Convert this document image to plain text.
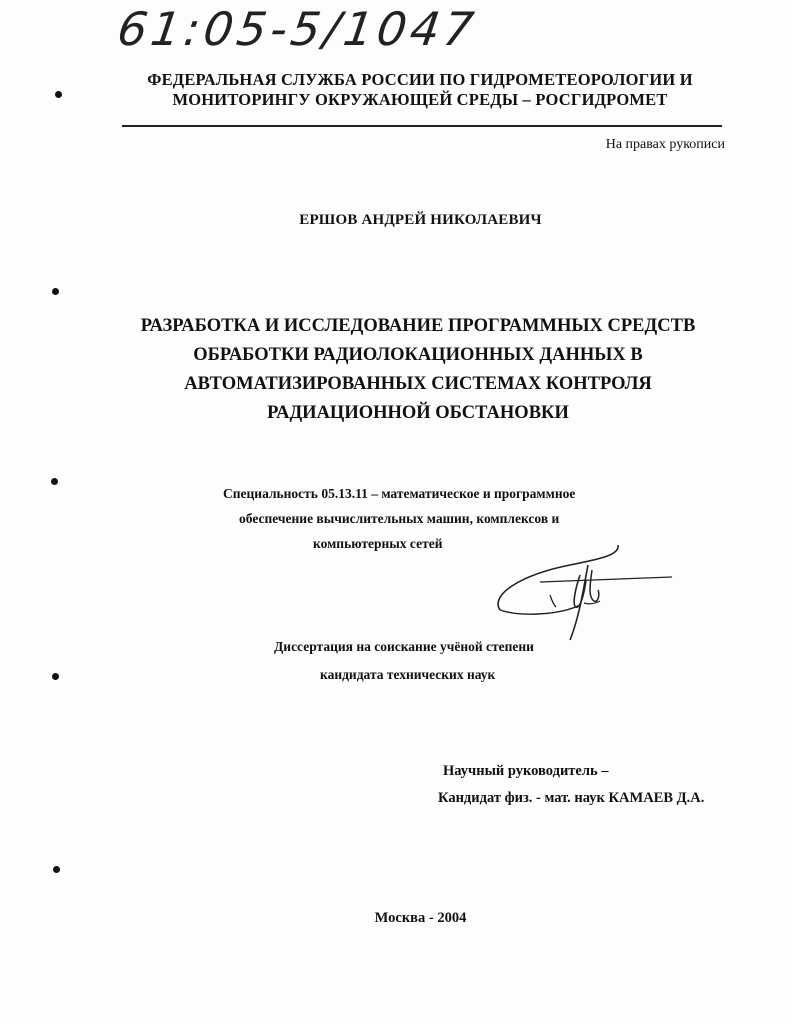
61:05-5/1047
ФЕДЕРАЛЬНАЯ СЛУЖБА РОССИИ ПО ГИДРОМЕТЕОРОЛОГИИ И
МОНИТОРИНГУ ОКРУЖАЮЩЕЙ СРЕДЫ – РОСГИДРОМЕТ
На правах рукописи
ЕРШОВ АНДРЕЙ НИКОЛАЕВИЧ
РАЗРАБОТКА И ИССЛЕДОВАНИЕ ПРОГРАММНЫХ СРЕДСТВ
ОБРАБОТКИ РАДИОЛОКАЦИОННЫХ ДАННЫХ В
АВТОМАТИЗИРОВАННЫХ СИСТЕМАХ КОНТРОЛЯ
РАДИАЦИОННОЙ ОБСТАНОВКИ
Специальность 05.13.11 – математическое и программное
обеспечение вычислительных машин, комплексов и
компьютерных сетей
Диссертация на соискание учёной степени
кандидата технических наук
Научный руководитель –
Кандидат физ. - мат. наук КАМАЕВ Д.А.
Москва - 2004
